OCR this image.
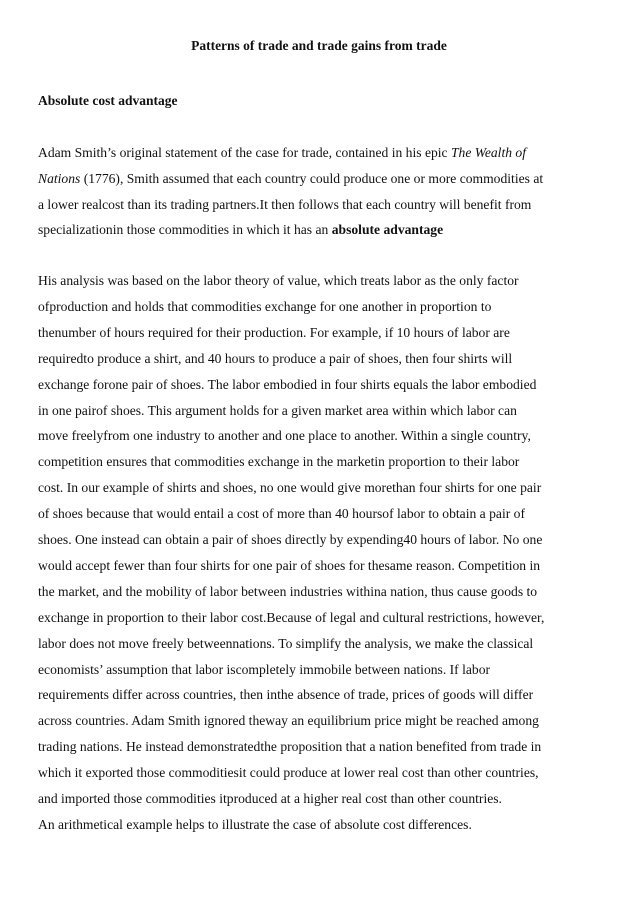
Patterns of trade and trade gains from trade
Absolute cost advantage
Adam Smith’s original statement of the case for trade, contained in his epic The Wealth of
Nations (1776), Smith assumed that each country could produce one or more commodities at
a lower realcost than its trading partners.It then follows that each country will benefit from
specializationin those commodities in which it has an absolute advantage
His analysis was based on the labor theory of value, which treats labor as the only factor
ofproduction and holds that commodities exchange for one another in proportion to
thenumber of hours required for their production. For example, if 10 hours of labor are
requiredto produce a shirt, and 40 hours to produce a pair of shoes, then four shirts will
exchange forone pair of shoes. The labor embodied in four shirts equals the labor embodied
in one pairof shoes. This argument holds for a given market area within which labor can
move freelyfrom one industry to another and one place to another. Within a single country,
competition ensures that commodities exchange in the marketin proportion to their labor
cost. In our example of shirts and shoes, no one would give morethan four shirts for one pair
of shoes because that would entail a cost of more than 40 hoursof labor to obtain a pair of
shoes. One instead can obtain a pair of shoes directly by expending40 hours of labor. No one
would accept fewer than four shirts for one pair of shoes for thesame reason. Competition in
the market, and the mobility of labor between industries withina nation, thus cause goods to
exchange in proportion to their labor cost.Because of legal and cultural restrictions, however,
labor does not move freely betweennations. To simplify the analysis, we make the classical
economists’ assumption that labor iscompletely immobile between nations. If labor
requirements differ across countries, then inthe absence of trade, prices of goods will differ
across countries. Adam Smith ignored theway an equilibrium price might be reached among
trading nations. He instead demonstratedthe proposition that a nation benefited from trade in
which it exported those commoditiesit could produce at lower real cost than other countries,
and imported those commodities itproduced at a higher real cost than other countries.
An arithmetical example helps to illustrate the case of absolute cost differences.
